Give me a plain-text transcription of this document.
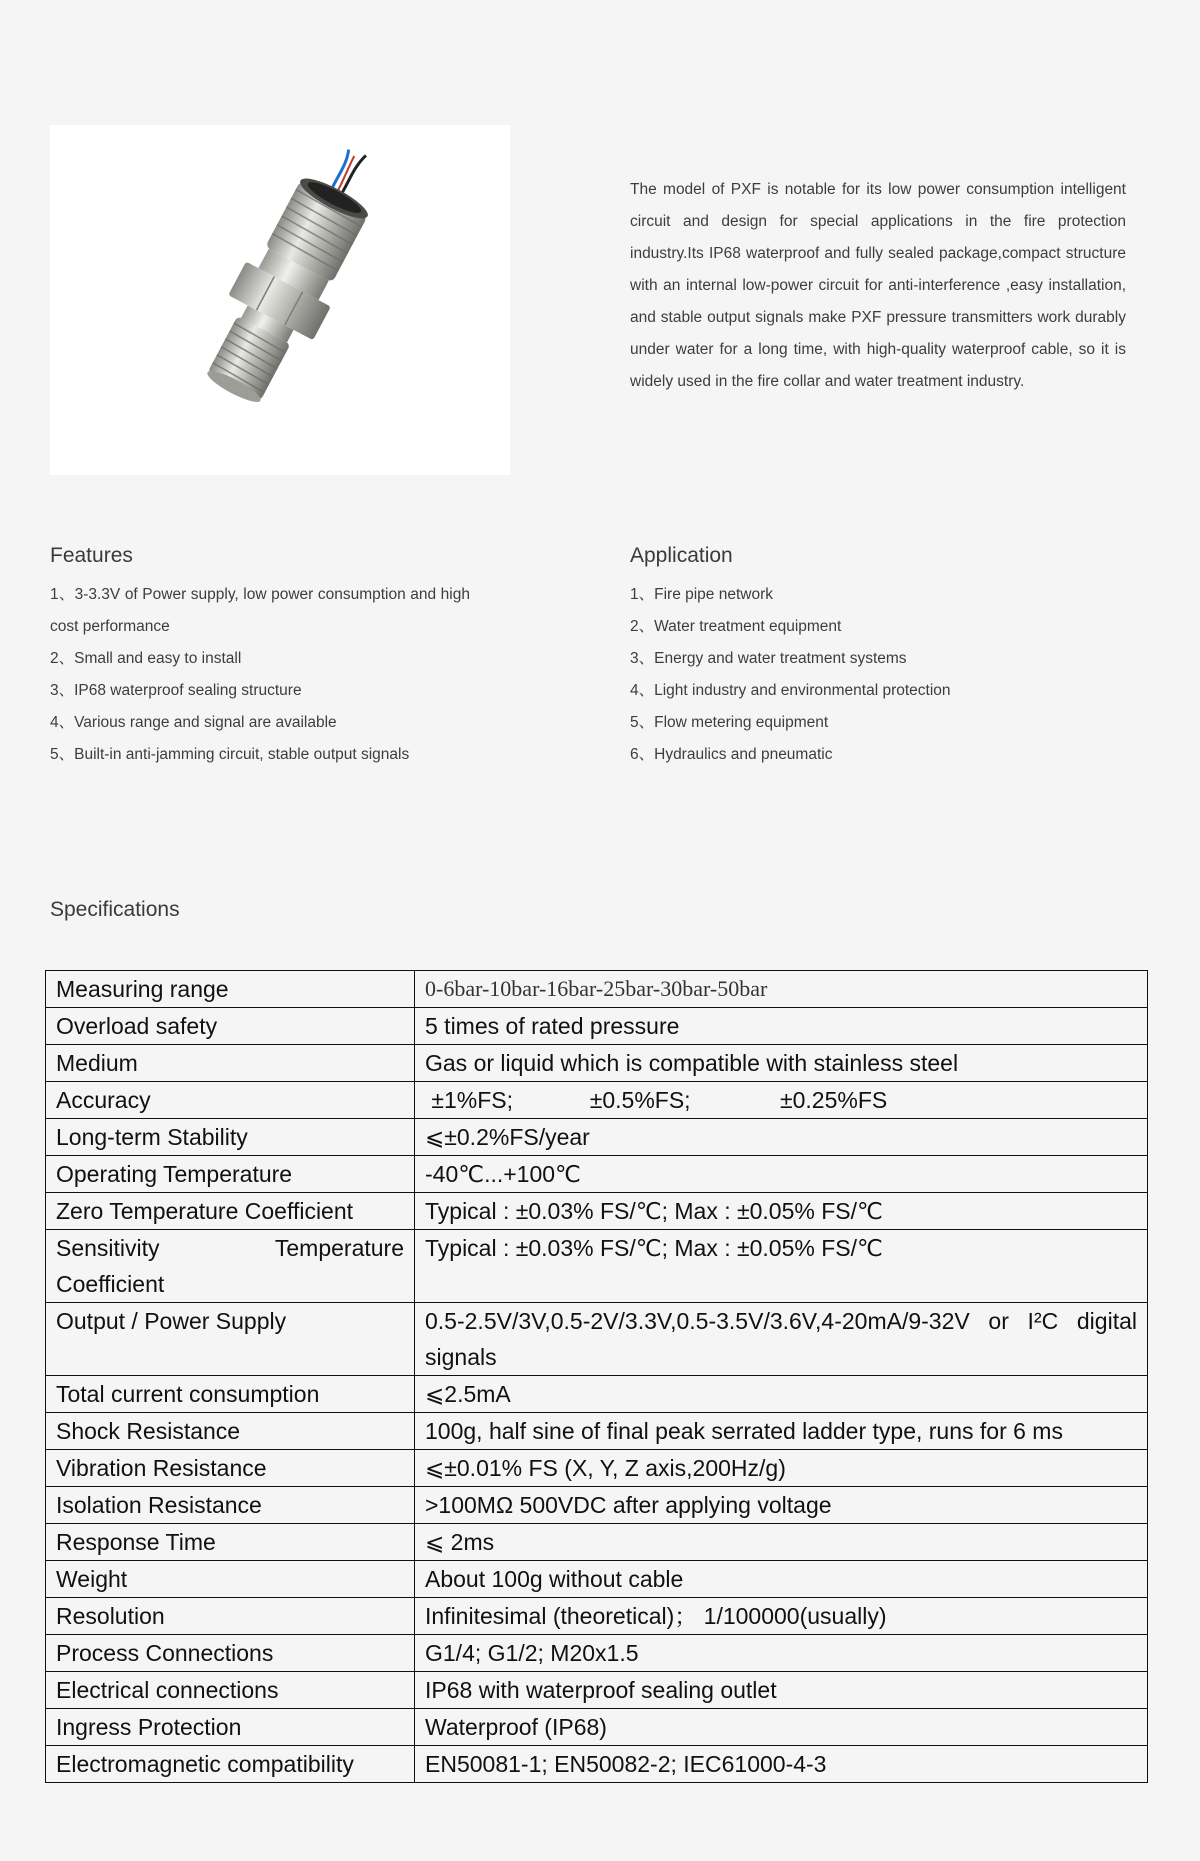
The model of PXF is notable for its low power consumption intelligent circuit and design for special applications in the fire protection industry.Its IP68 waterproof and fully sealed package,compact structure with an internal low-power circuit for anti-interference ,easy installation, and stable output signals make PXF pressure transmitters work durably under water for a long time, with high-quality waterproof cable, so it is widely used in the fire collar and water treatment industry.

Features
1、3-3.3V of Power supply, low power consumption and high cost performance
2、Small and easy to install
3、IP68 waterproof sealing structure
4、Various range and signal are available
5、Built-in anti-jamming circuit, stable output signals
Application
1、Fire pipe network
2、Water treatment equipment
3、Energy and water treatment systems
4、Light industry and environmental protection
5、Flow metering equipment
6、Hydraulics and pneumatic
Specifications
Measuring range	0-6bar-10bar-16bar-25bar-30bar-50bar
Overload safety	5 times of rated pressure
Medium	Gas or liquid which is compatible with stainless steel
Accuracy	±1%FS;            ±0.5%FS;              ±0.25%FS
Long-term Stability	⩽±0.2%FS/year
Operating Temperature	-40℃...+100℃
Zero Temperature Coefficient	Typical : ±0.03% FS/℃; Max : ±0.05% FS/℃
Sensitivity Temperature Coefficient	Typical : ±0.03% FS/℃; Max : ±0.05% FS/℃
Output / Power Supply	0.5-2.5V/3V,0.5-2V/3.3V,0.5-3.5V/3.6V,4-20mA/9-32V or I²C digital signals
Total current consumption	⩽2.5mA
Shock Resistance	100g, half sine of final peak serrated ladder type, runs for 6 ms
Vibration Resistance	⩽±0.01% FS (X, Y, Z axis,200Hz/g)
Isolation Resistance	>100MΩ 500VDC after applying voltage
Response Time	⩽ 2ms
Weight	About 100g without cable
Resolution	Infinitesimal (theoretical)； 1/100000(usually)
Process Connections	G1/4; G1/2; M20x1.5
Electrical connections	IP68 with waterproof sealing outlet
Ingress Protection	Waterproof (IP68)
Electromagnetic compatibility	EN50081-1; EN50082-2; IEC61000-4-3
